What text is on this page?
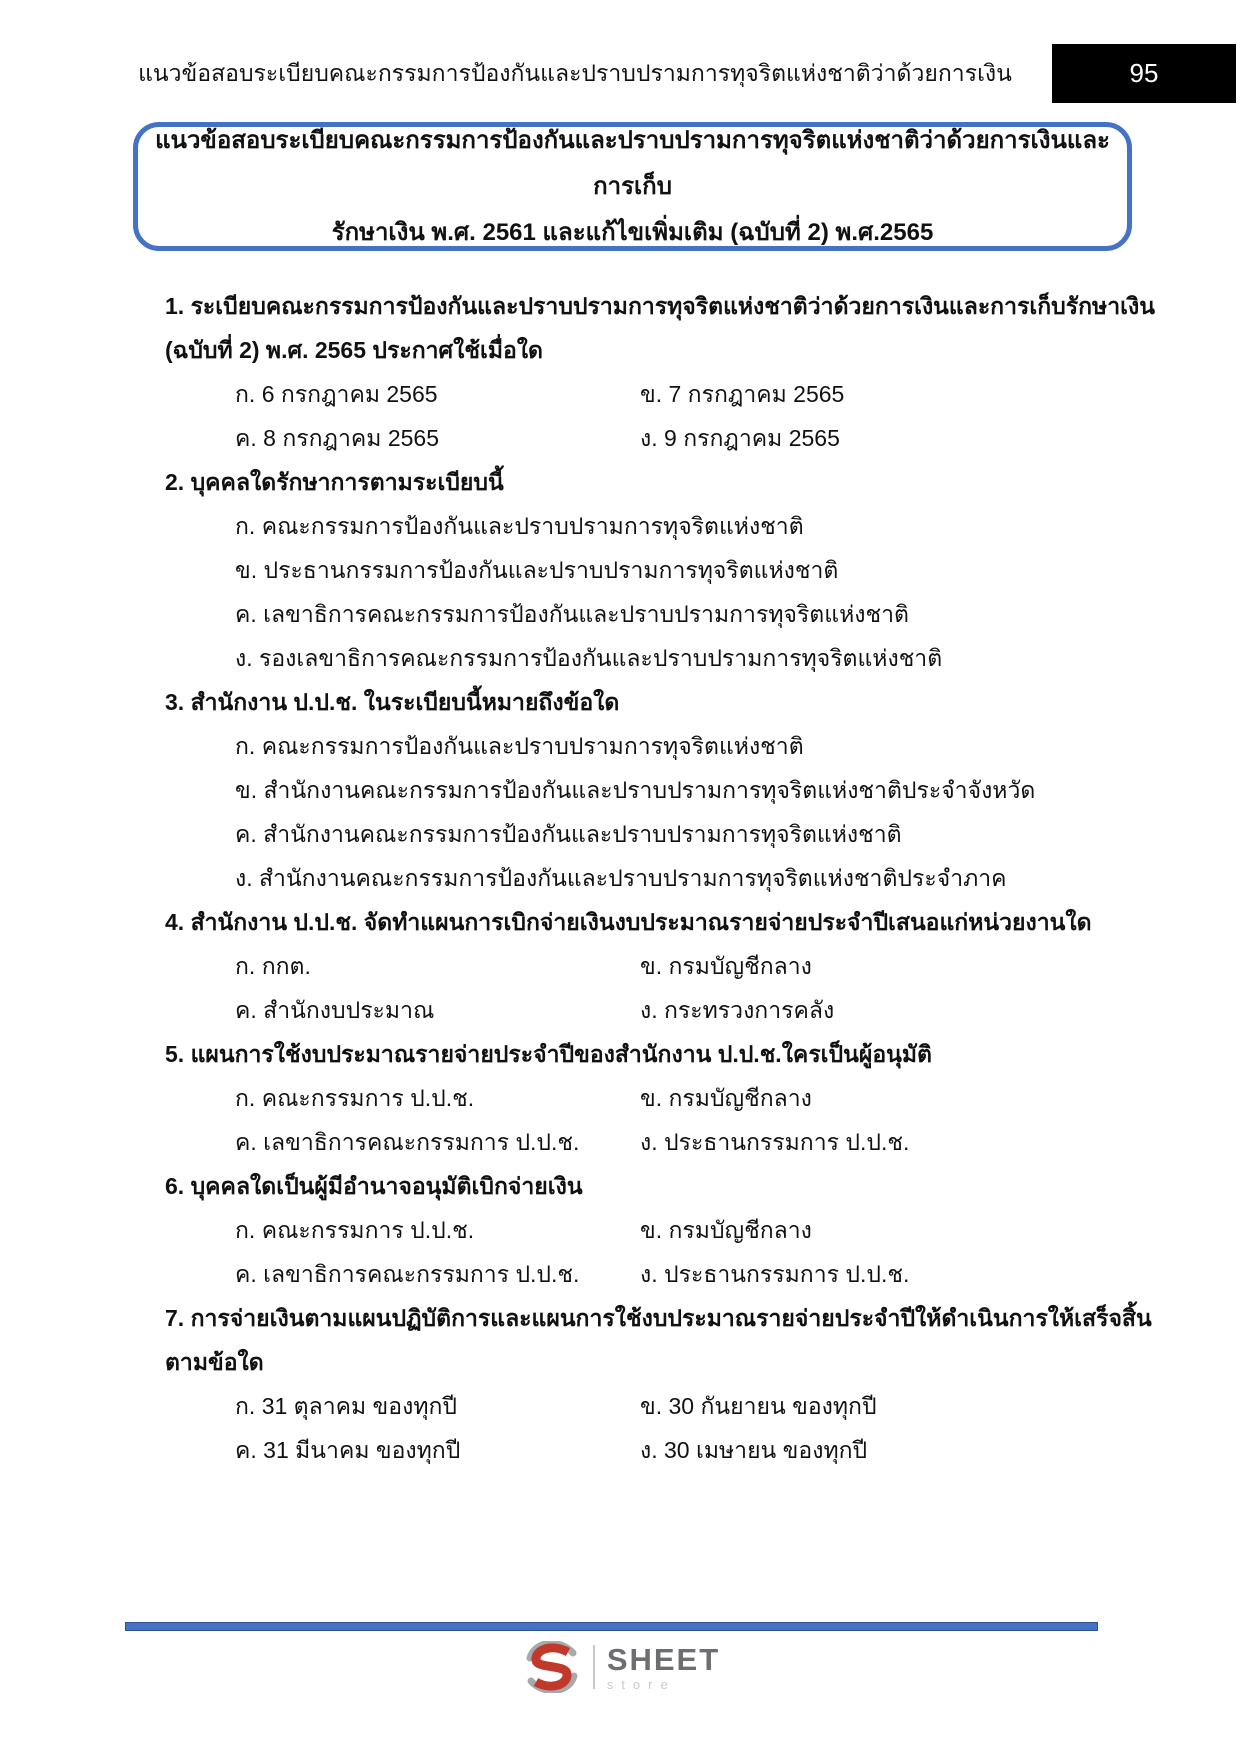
แนวข้อสอบระเบียบคณะกรรมการป้องกันและปราบปรามการทุจริตแห่งชาติว่าด้วยการเงิน	95
แนวข้อสอบระเบียบคณะกรรมการป้องกันและปราบปรามการทุจริตแห่งชาติว่าด้วยการเงินและการเก็บ
รักษาเงิน พ.ศ. 2561 และแก้ไขเพิ่มเติม (ฉบับที่ 2) พ.ศ.2565
1. ระเบียบคณะกรรมการป้องกันและปราบปรามการทุจริตแห่งชาติว่าด้วยการเงินและการเก็บรักษาเงิน (ฉบับที่ 2) พ.ศ. 2565 ประกาศใช้เมื่อใด
ก. 6 กรกฎาคม 2565	ข. 7 กรกฎาคม 2565
ค. 8 กรกฎาคม 2565	ง. 9 กรกฎาคม 2565
2. บุคคลใดรักษาการตามระเบียบนี้
ก. คณะกรรมการป้องกันและปราบปรามการทุจริตแห่งชาติ
ข. ประธานกรรมการป้องกันและปราบปรามการทุจริตแห่งชาติ
ค. เลขาธิการคณะกรรมการป้องกันและปราบปรามการทุจริตแห่งชาติ
ง. รองเลขาธิการคณะกรรมการป้องกันและปราบปรามการทุจริตแห่งชาติ
3. สำนักงาน ป.ป.ช. ในระเบียบนี้หมายถึงข้อใด
ก. คณะกรรมการป้องกันและปราบปรามการทุจริตแห่งชาติ
ข. สำนักงานคณะกรรมการป้องกันและปราบปรามการทุจริตแห่งชาติประจำจังหวัด
ค. สำนักงานคณะกรรมการป้องกันและปราบปรามการทุจริตแห่งชาติ
ง. สำนักงานคณะกรรมการป้องกันและปราบปรามการทุจริตแห่งชาติประจำภาค
4. สำนักงาน ป.ป.ช. จัดทำแผนการเบิกจ่ายเงินงบประมาณรายจ่ายประจำปีเสนอแก่หน่วยงานใด
ก. กกต.	ข. กรมบัญชีกลาง
ค. สำนักงบประมาณ	ง. กระทรวงการคลัง
5. แผนการใช้งบประมาณรายจ่ายประจำปีของสำนักงาน ป.ป.ช.ใครเป็นผู้อนุมัติ
ก. คณะกรรมการ ป.ป.ช.	ข. กรมบัญชีกลาง
ค. เลขาธิการคณะกรรมการ ป.ป.ช.	ง. ประธานกรรมการ ป.ป.ช.
6. บุคคลใดเป็นผู้มีอำนาจอนุมัติเบิกจ่ายเงิน
ก. คณะกรรมการ ป.ป.ช.	ข. กรมบัญชีกลาง
ค. เลขาธิการคณะกรรมการ ป.ป.ช.	ง. ประธานกรรมการ ป.ป.ช.
7. การจ่ายเงินตามแผนปฏิบัติการและแผนการใช้งบประมาณรายจ่ายประจำปีให้ดำเนินการให้เสร็จสิ้นตามข้อใด
ก. 31 ตุลาคม ของทุกปี	ข. 30 กันยายน ของทุกปี
ค. 31 มีนาคม ของทุกปี	ง. 30 เมษายน ของทุกปี
SHEET
store
